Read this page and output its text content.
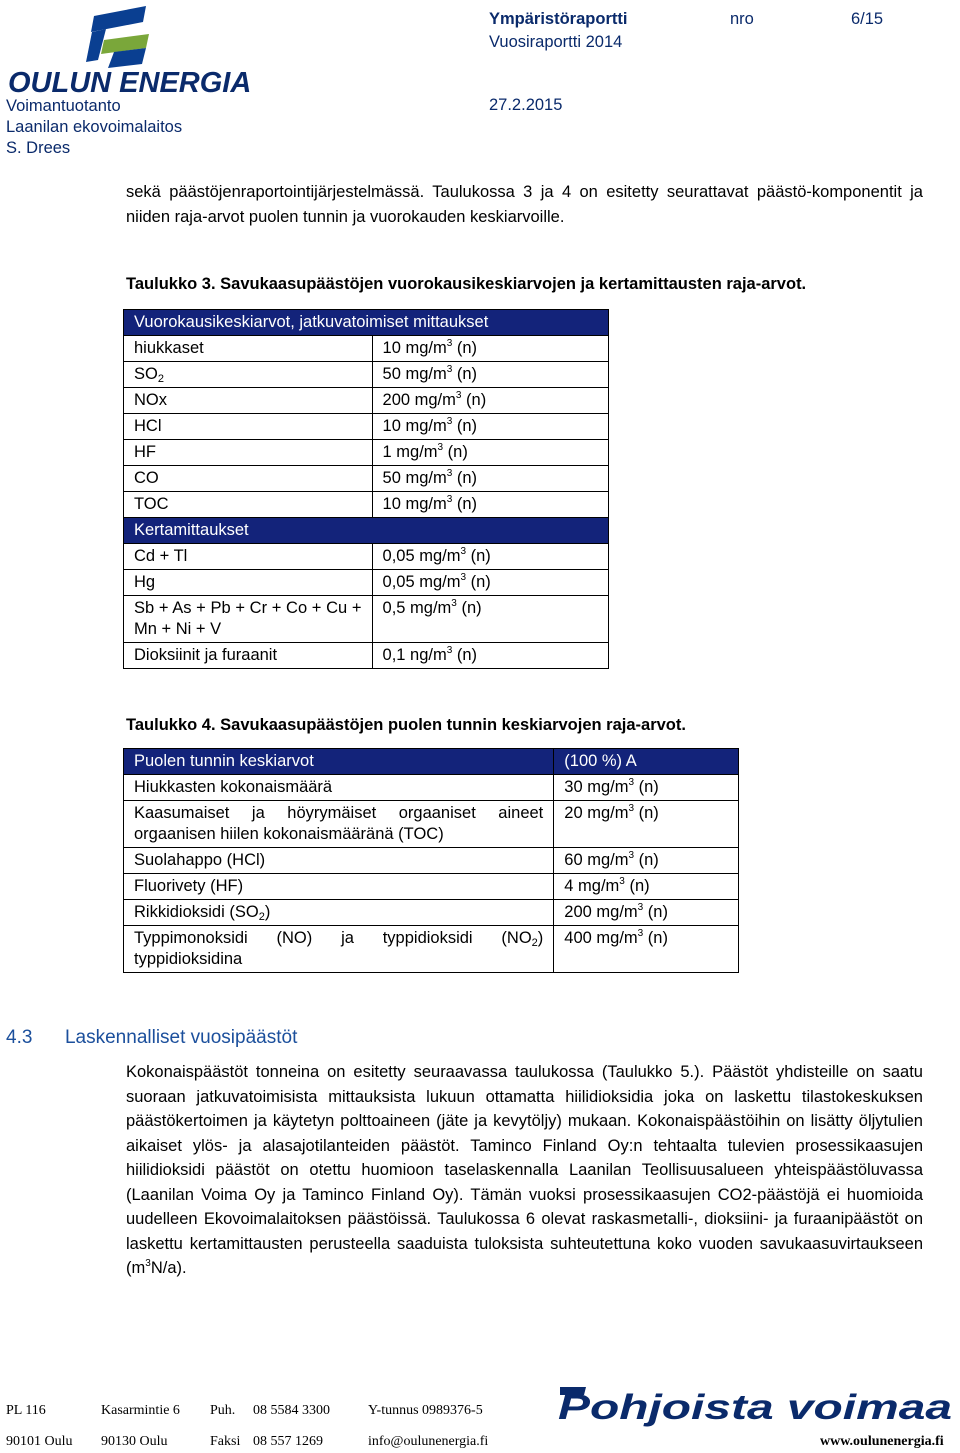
OULUN ENERGIA
Voimantuotanto
Laanilan ekovoimalaitos
S. Drees
Ympäristöraportti	nro	6/15
Vuosiraportti 2014
27.2.2015
sekä päästöjenraportointijärjestelmässä. Taulukossa 3 ja 4 on esitetty seurattavat päästö-komponentit ja niiden raja-arvot puolen tunnin ja vuorokauden keskiarvoille.
Taulukko 3. Savukaasupäästöjen vuorokausikeskiarvojen ja kertamittausten raja-arvot.
Vuorokausikeskiarvot, jatkuvatoimiset mittaukset	
hiukkaset	10 $mg/m^3$ (n)
$SO_2$	50 $mg/m^3$ (n)
NOx	200 $mg/m^3$ (n)
HCl	10 $mg/m^3$ (n)
HF	1 $mg/m^3$ (n)
CO	50 $mg/m^3$ (n)
TOC	10 $mg/m^3$ (n)
Kertamittaukset	
Cd + Tl	0,05 $mg/m^3$ (n)
Hg	0,05 $mg/m^3$ (n)
Sb + As + Pb + Cr + Co + Cu + Mn + Ni + V	0,5 $mg/m^3$ (n)
Dioksiinit ja furaanit	0,1 $ng/m^3$ (n)
Taulukko 4. Savukaasupäästöjen puolen tunnin keskiarvojen raja-arvot.
Puolen tunnin keskiarvot	(100 %) A
Hiukkasten kokonaismäärä	30 $mg/m^3$ (n)
Kaasumaiset ja höyrymäiset orgaaniset aineet orgaanisen hiilen kokonaismääränä (TOC)	20 $mg/m^3$ (n)
Suolahappo (HCl)	60 $mg/m^3$ (n)
Fluorivety (HF)	4 $mg/m^3$ (n)
Rikkidioksidi $(SO_2)$	200 $mg/m^3$ (n)
Typpimonoksidi (NO) ja typpidioksidi $(NO_2)$ typpidioksidina	400 $mg/m^3$ (n)
4.3 Laskennalliset vuosipäästöt
Kokonaispäästöt tonneina on esitetty seuraavassa taulukossa (Taulukko 5.). Päästöt yhdisteille on saatu suoraan jatkuvatoimisista mittauksista lukuun ottamatta hiilidioksidia joka on laskettu tilastokeskuksen päästökertoimen ja käytetyn polttoaineen (jäte ja kevytöljy) mukaan. Kokonaispäästöihin on lisätty öljytulien aikaiset ylös- ja alasajotilanteiden päästöt. Taminco Finland Oy:n tehtaalta tulevien prosessikaasujen hiilidioksidi päästöt on otettu huomioon taselaskennalla Laanilan Teollisuusalueen yhteispäästöluvassa (Laanilan Voima Oy ja Taminco Finland Oy). Tämän vuoksi prosessikaasujen CO2-päästöjä ei huomioida uudelleen Ekovoimalaitoksen päästöissä. Taulukossa 6 olevat raskasmetalli-, dioksiini- ja furaanipäästöt on laskettu kertamittausten perusteella saaduista tuloksista suhteutettuna koko vuoden savukaasuvirtaukseen $(m^3N/a)$.
PL 116	Kasarmintie 6 Puh. 08 5584 3300	Y-tunnus 0989376-5
90101 Oulu 90130 Oulu	Faksi 08 557 1269	info@oulunenergia.fi	www.oulunenergia.fi
Pohjoista voimaa
